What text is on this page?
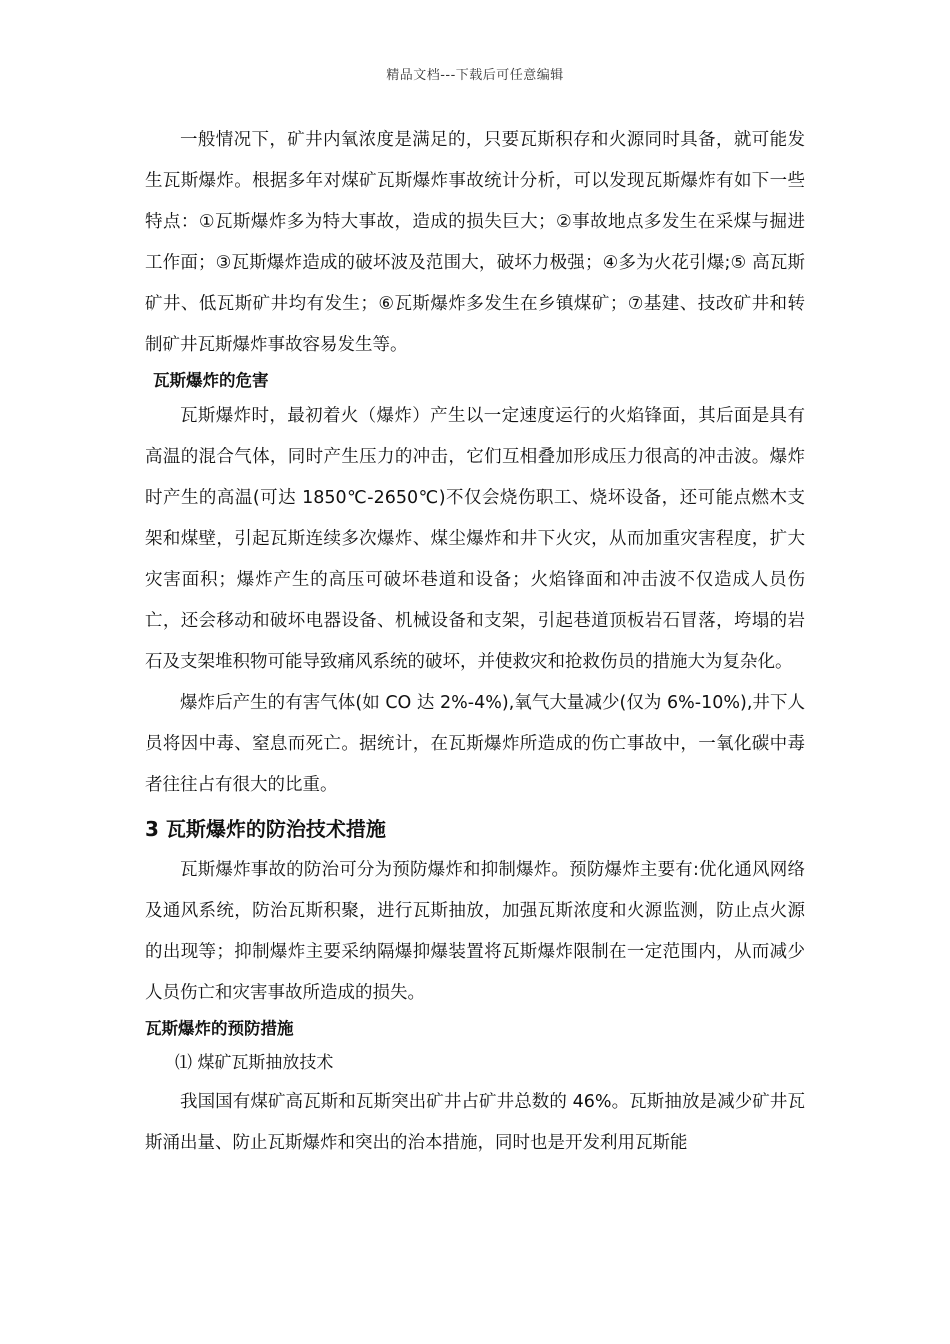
精品文档---下载后可任意编辑

一般情况下，矿井内氧浓度是满足的，只要瓦斯积存和火源同时具备，就可能发生瓦斯爆炸。根据多年对煤矿瓦斯爆炸事故统计分析，可以发现瓦斯爆炸有如下一些特点：①瓦斯爆炸多为特大事故，造成的损失巨大；②事故地点多发生在采煤与掘进工作面；③瓦斯爆炸造成的破坏波及范围大，破坏力极强；④多为火花引爆;⑤ 高瓦斯矿井、低瓦斯矿井均有发生；⑥瓦斯爆炸多发生在乡镇煤矿；⑦基建、技改矿井和转制矿井瓦斯爆炸事故容易发生等。

瓦斯爆炸的危害

瓦斯爆炸时，最初着火（爆炸）产生以一定速度运行的火焰锋面，其后面是具有高温的混合气体，同时产生压力的冲击，它们互相叠加形成压力很高的冲击波。爆炸时产生的高温(可达 1850℃-2650℃)不仅会烧伤职工、烧坏设备，还可能点燃木支架和煤壁，引起瓦斯连续多次爆炸、煤尘爆炸和井下火灾，从而加重灾害程度，扩大灾害面积；爆炸产生的高压可破坏巷道和设备；火焰锋面和冲击波不仅造成人员伤亡，还会移动和破坏电器设备、机械设备和支架，引起巷道顶板岩石冒落，垮塌的岩石及支架堆积物可能导致痛风系统的破坏，并使救灾和抢救伤员的措施大为复杂化。

爆炸后产生的有害气体(如 CO 达 2%-4%),氧气大量减少(仅为 6%-10%),井下人员将因中毒、窒息而死亡。据统计，在瓦斯爆炸所造成的伤亡事故中，一氧化碳中毒者往往占有很大的比重。

3 瓦斯爆炸的防治技术措施

瓦斯爆炸事故的防治可分为预防爆炸和抑制爆炸。预防爆炸主要有:优化通风网络及通风系统，防治瓦斯积聚，进行瓦斯抽放，加强瓦斯浓度和火源监测，防止点火源的出现等；抑制爆炸主要采纳隔爆抑爆装置将瓦斯爆炸限制在一定范围内，从而减少人员伤亡和灾害事故所造成的损失。

瓦斯爆炸的预防措施

⑴ 煤矿瓦斯抽放技术

我国国有煤矿高瓦斯和瓦斯突出矿井占矿井总数的 46%。瓦斯抽放是减少矿井瓦斯涌出量、防止瓦斯爆炸和突出的治本措施，同时也是开发利用瓦斯能
